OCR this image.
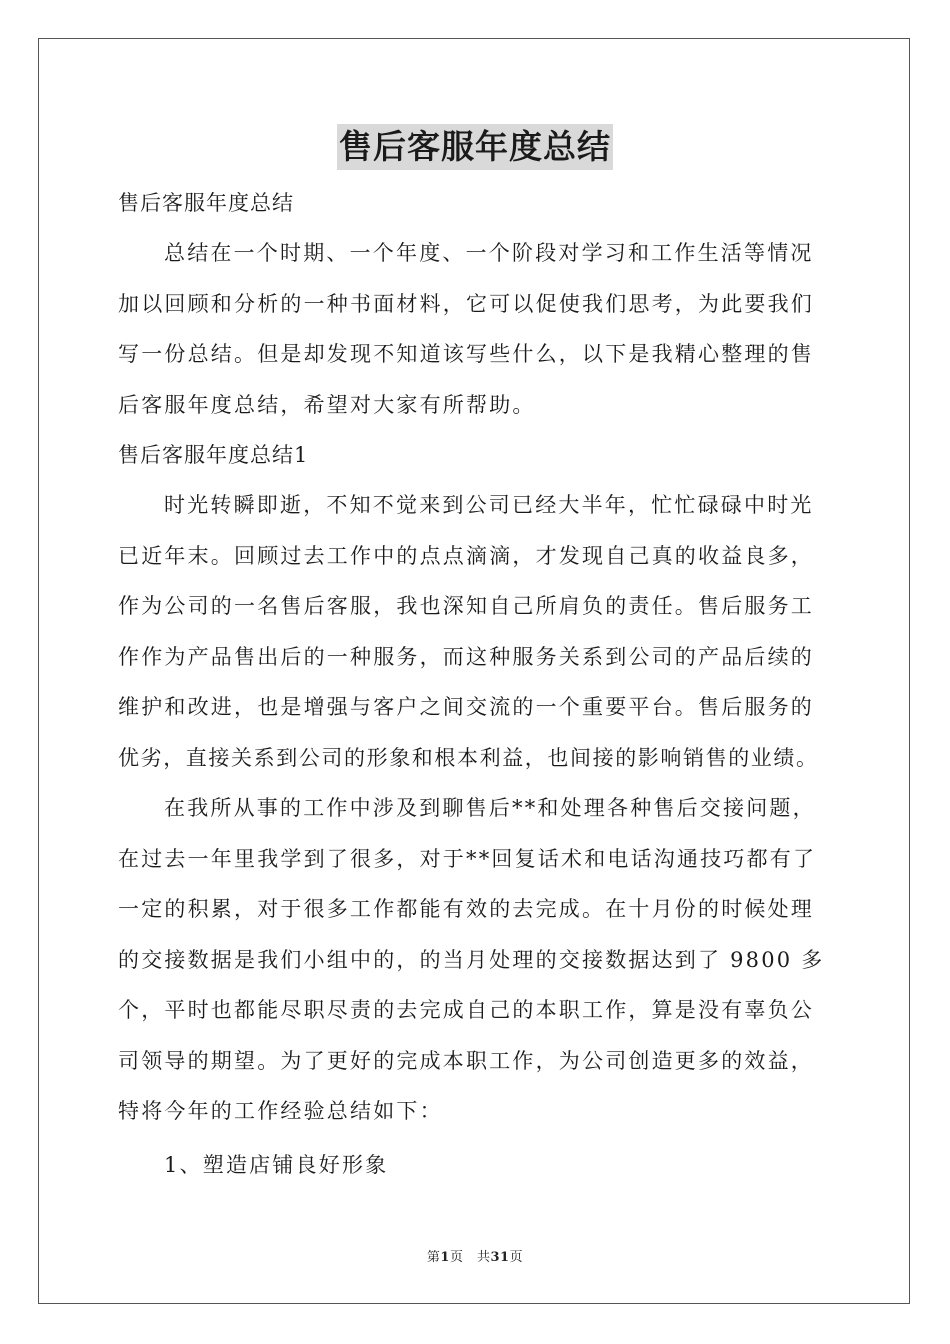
售后客服年度总结
售后客服年度总结
总结在一个时期、一个年度、一个阶段对学习和工作生活等情况
加以回顾和分析的一种书面材料，它可以促使我们思考，为此要我们
写一份总结。但是却发现不知道该写些什么，以下是我精心整理的售
后客服年度总结，希望对大家有所帮助。
售后客服年度总结1
时光转瞬即逝，不知不觉来到公司已经大半年，忙忙碌碌中时光
已近年末。回顾过去工作中的点点滴滴，才发现自己真的收益良多，
作为公司的一名售后客服，我也深知自己所肩负的责任。售后服务工
作作为产品售出后的一种服务，而这种服务关系到公司的产品后续的
维护和改进，也是增强与客户之间交流的一个重要平台。售后服务的
优劣，直接关系到公司的形象和根本利益，也间接的影响销售的业绩。
在我所从事的工作中涉及到聊售后**和处理各种售后交接问题，
在过去一年里我学到了很多，对于**回复话术和电话沟通技巧都有了
一定的积累，对于很多工作都能有效的去完成。在十月份的时候处理
的交接数据是我们小组中的，的当月处理的交接数据达到了 9800 多
个，平时也都能尽职尽责的去完成自己的本职工作，算是没有辜负公
司领导的期望。为了更好的完成本职工作，为公司创造更多的效益，
特将今年的工作经验总结如下：
1、塑造店铺良好形象
第1页　共31页
